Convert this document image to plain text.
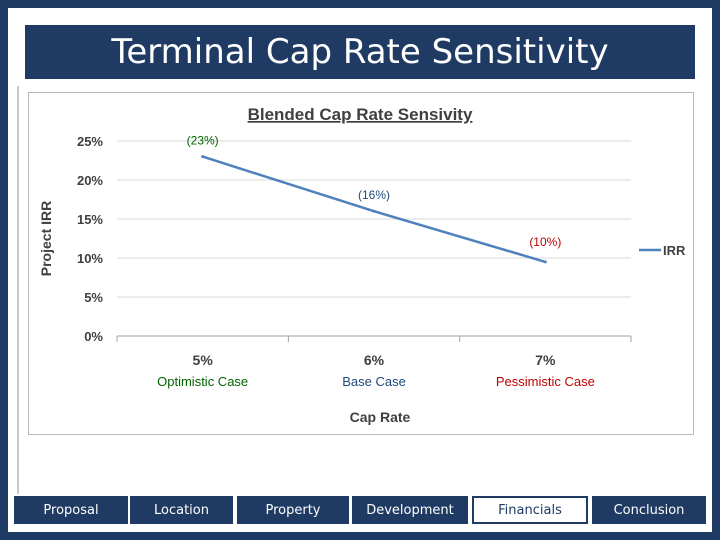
Terminal Cap Rate Sensitivity
Blended Cap Rate Sensivity
0%
5%
10%
15%
20%
25%
Project IRR
5%
Optimistic Case
6%
Base Case
7%
Pessimistic Case
Cap Rate
(23%)
(16%)
(10%)
IRR
Proposal	Location	Property	Development	Financials	Conclusion
